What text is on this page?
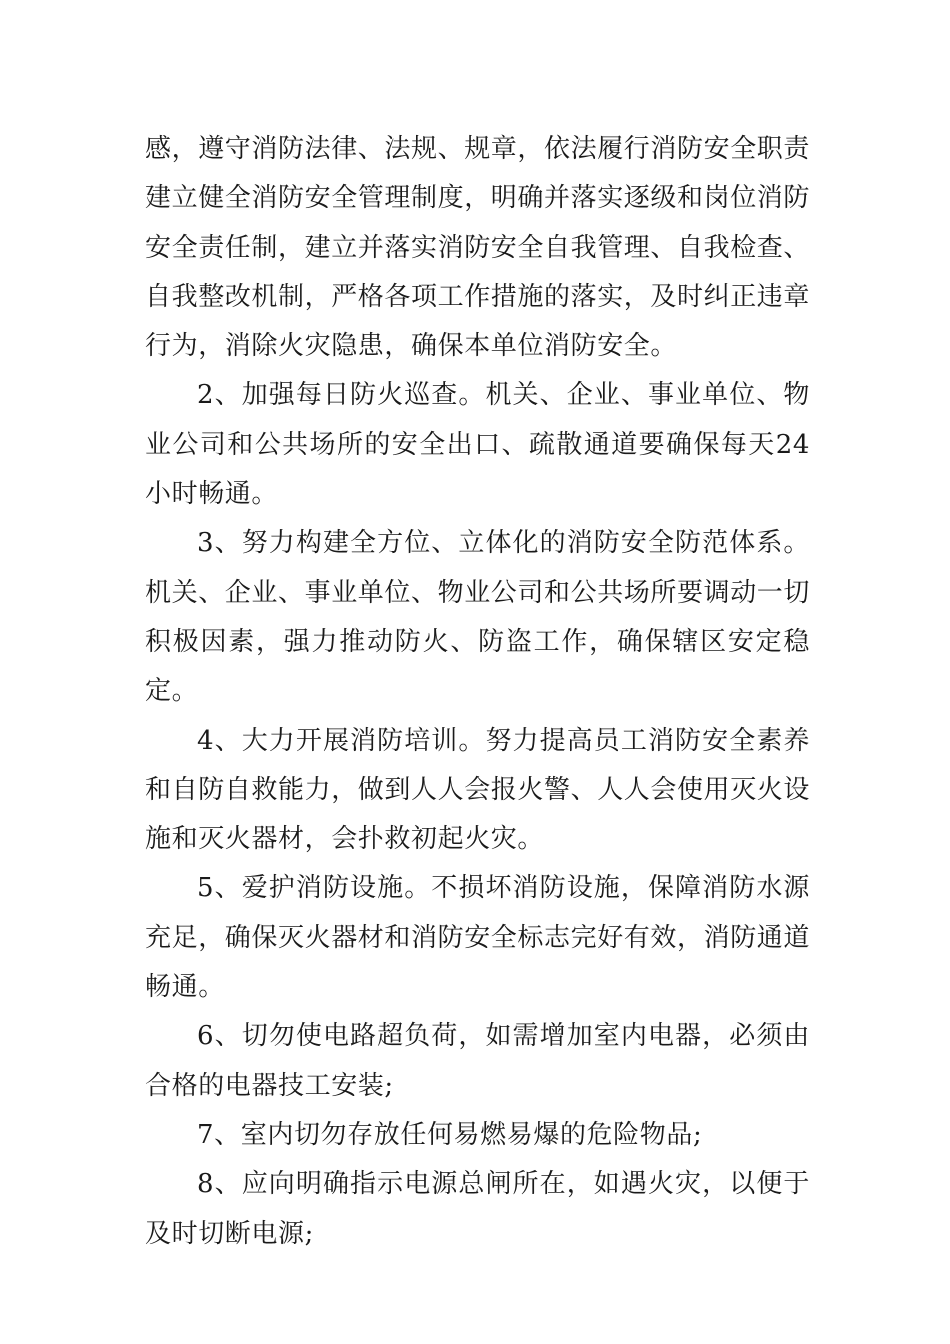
感，遵守消防法律、法规、规章，依法履行消防安全职责建立健全消防安全管理制度，明确并落实逐级和岗位消防安全责任制，建立并落实消防安全自我管理、自我检查、自我整改机制，严格各项工作措施的落实，及时纠正违章行为，消除火灾隐患，确保本单位消防安全。

2、加强每日防火巡查。机关、企业、事业单位、物业公司和公共场所的安全出口、疏散通道要确保每天24小时畅通。

3、努力构建全方位、立体化的消防安全防范体系。机关、企业、事业单位、物业公司和公共场所要调动一切积极因素，强力推动防火、防盗工作，确保辖区安定稳定。

4、大力开展消防培训。努力提高员工消防安全素养和自防自救能力，做到人人会报火警、人人会使用灭火设施和灭火器材，会扑救初起火灾。

5、爱护消防设施。不损坏消防设施，保障消防水源充足，确保灭火器材和消防安全标志完好有效，消防通道畅通。

6、切勿使电路超负荷，如需增加室内电器，必须由合格的电器技工安装;

7、室内切勿存放任何易燃易爆的危险物品;

8、应向明确指示电源总闸所在，如遇火灾，以便于及时切断电源;
